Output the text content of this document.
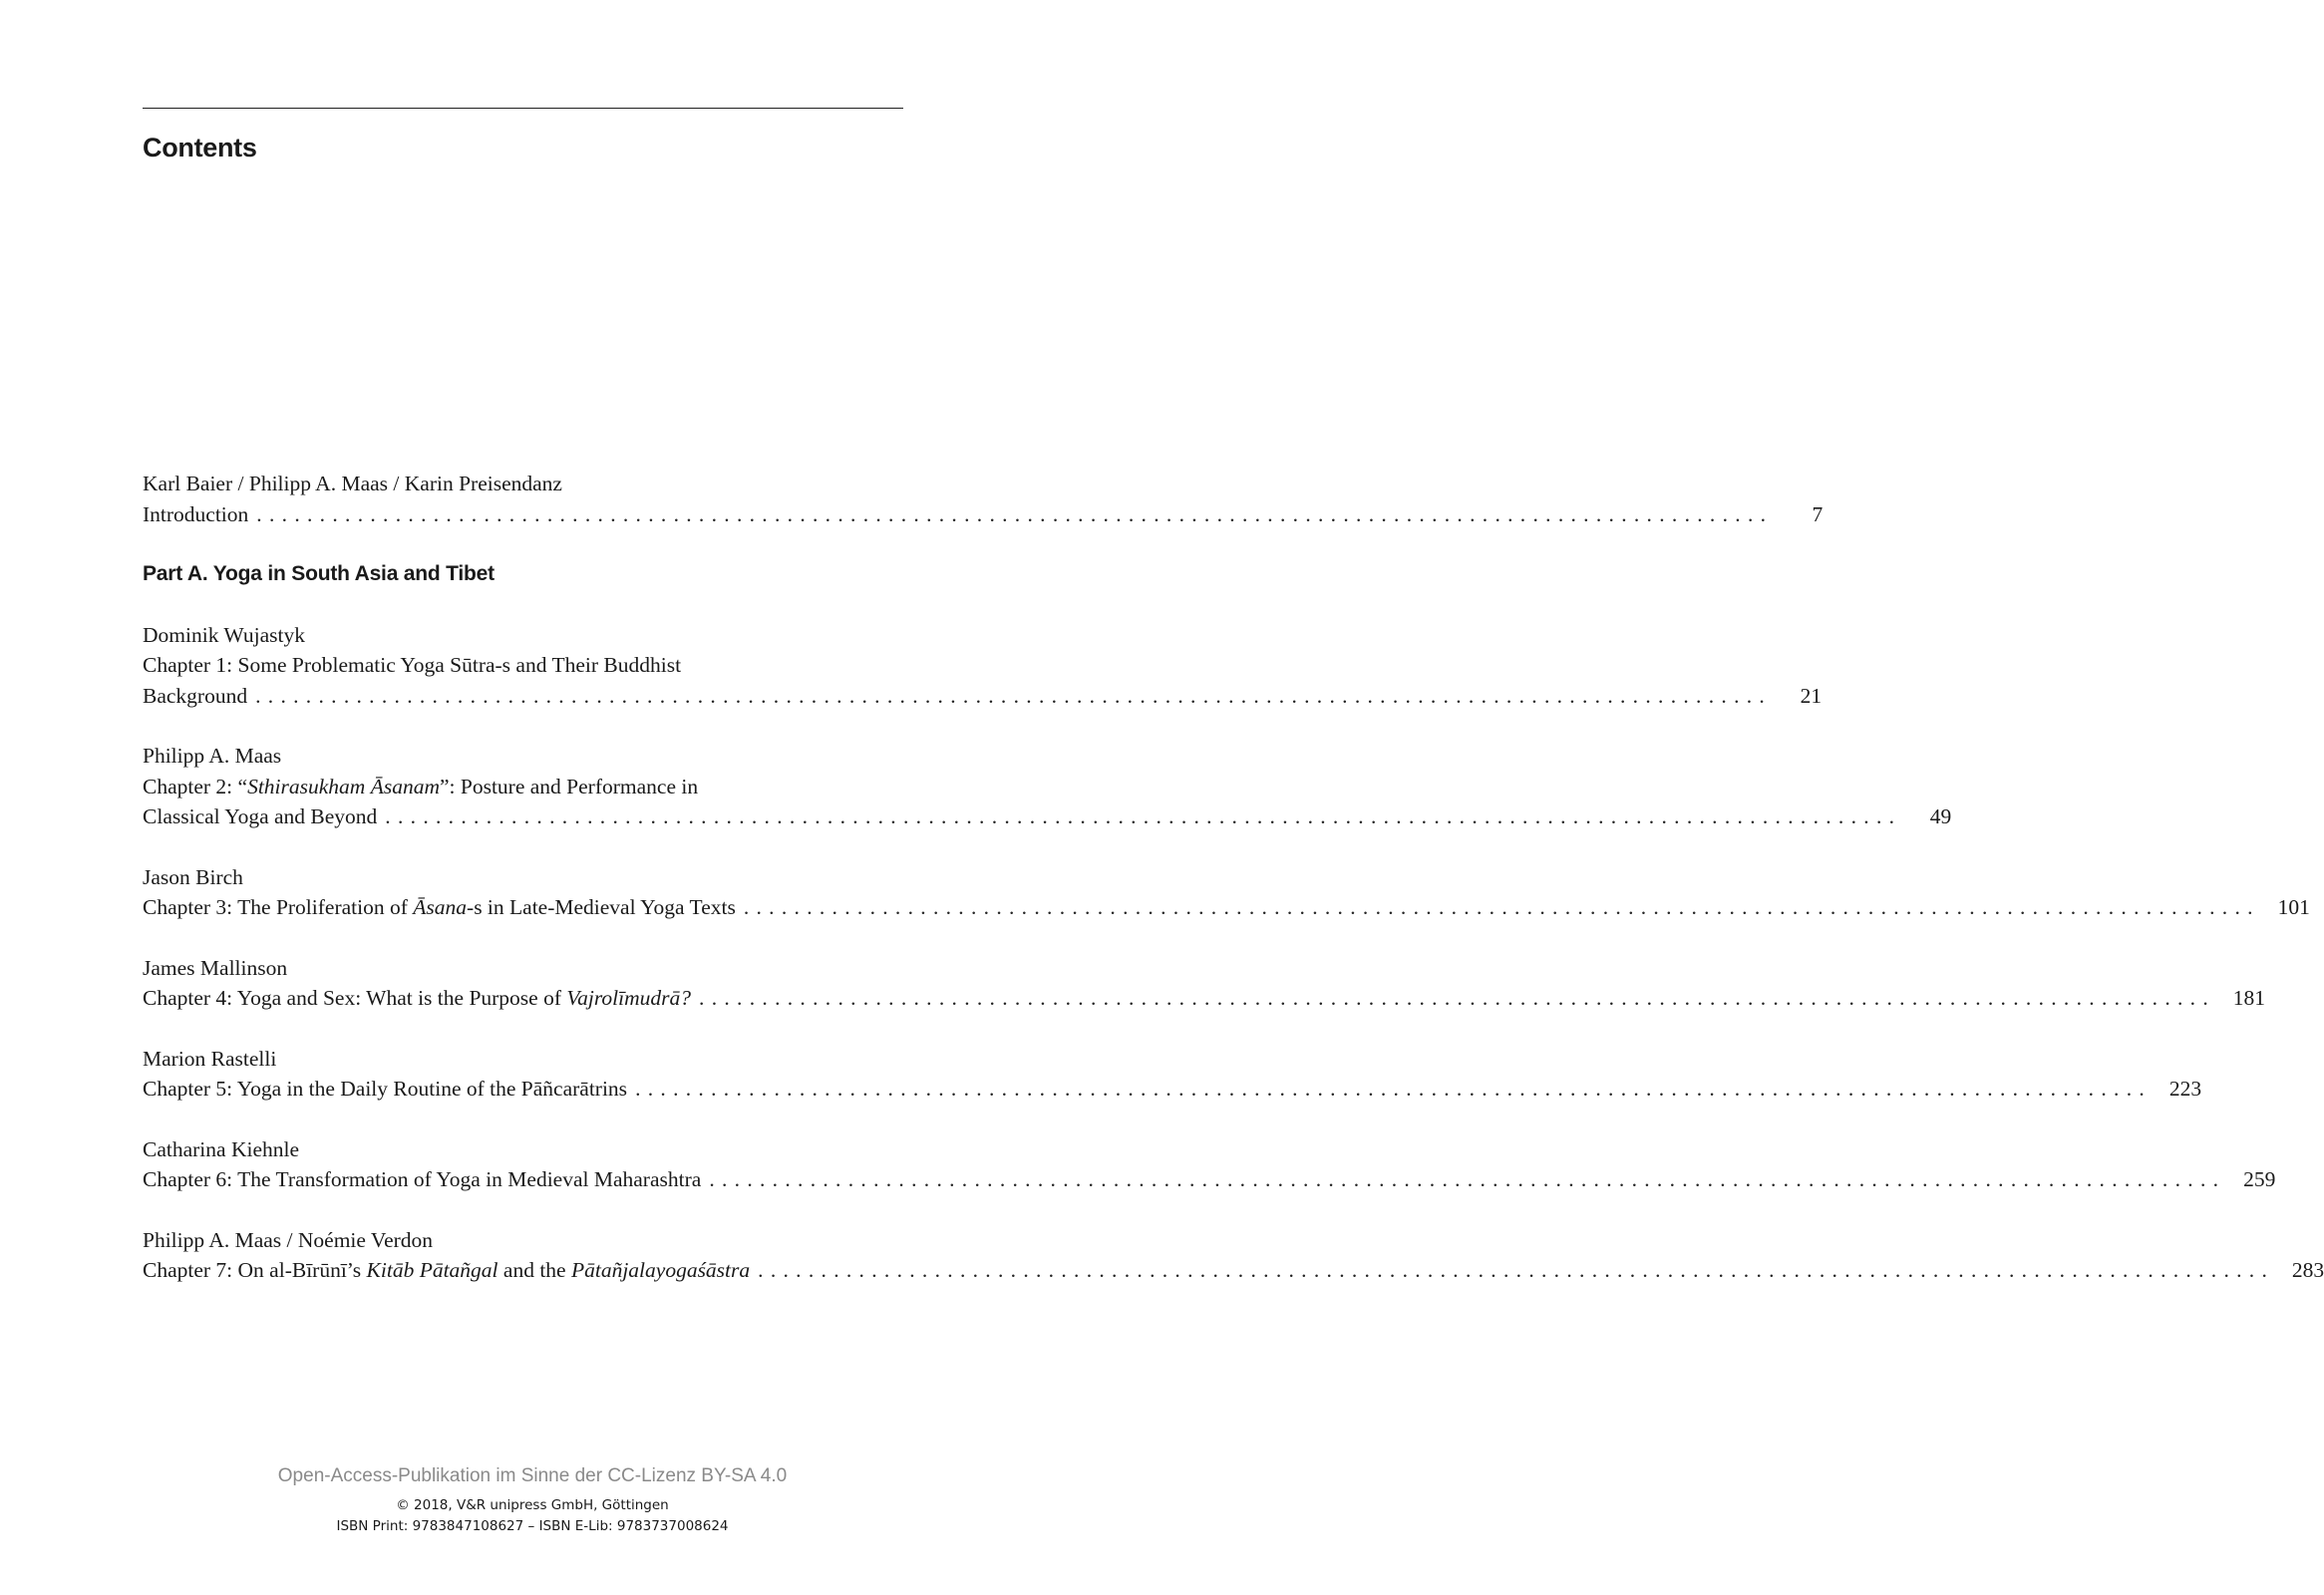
Contents
Karl Baier / Philipp A. Maas / Karin Preisendanz
Introduction ........................................................................................................................	7
Part A. Yoga in South Asia and Tibet
Dominik Wujastyk
Chapter 1: Some Problematic Yoga Sūtra-s and Their Buddhist
Background ........................................................................................................................	21
Philipp A. Maas
Chapter 2: “Sthirasukham Āsanam”: Posture and Performance in
Classical Yoga and Beyond ........................................................................................................................	49
Jason Birch
Chapter 3: The Proliferation of Āsana-s in Late-Medieval Yoga Texts ........................................................................................................................ 101
James Mallinson
Chapter 4: Yoga and Sex: What is the Purpose of Vajrolīmudrā? ........................................................................................................................ 181
Marion Rastelli
Chapter 5: Yoga in the Daily Routine of the Pāñcarātrins ........................................................................................................................ 223
Catharina Kiehnle
Chapter 6: The Transformation of Yoga in Medieval Maharashtra ........................................................................................................................ 259
Philipp A. Maas / Noémie Verdon
Chapter 7: On al-Bīrūnī’s Kitāb Pātañgal and the Pātañjalayogaśāstra ........................................................................................................................ 283
Open-Access-Publikation im Sinne der CC-Lizenz BY-SA 4.0
© 2018, V&R unipress GmbH, Göttingen
ISBN Print: 9783847108627 – ISBN E-Lib: 9783737008624
